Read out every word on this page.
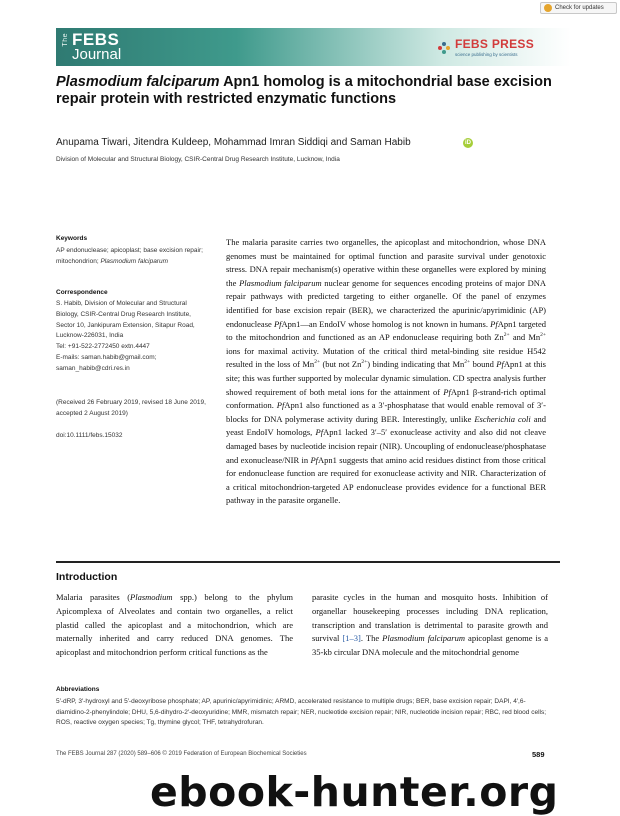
The FEBS
Journal
FEBS PRESS
science publishing by scientists
Check for updates
Plasmodium falciparum Apn1 homolog is a mitochondrial base excision repair protein with restricted enzymatic functions
Anupama Tiwari, Jitendra Kuldeep, Mohammad Imran Siddiqi and Saman Habib	iD
Division of Molecular and Structural Biology, CSIR-Central Drug Research Institute, Lucknow, India
Keywords
AP endonuclease; apicoplast; base excision repair; mitochondrion; Plasmodium falciparum
Correspondence
S. Habib, Division of Molecular and Structural Biology, CSIR-Central Drug Research Institute, Sector 10, Jankipuram Extension, Sitapur Road, Lucknow-226031, India
Tel: +91-522-2772450 extn.4447
E-mails: saman.habib@gmail.com; saman_habib@cdri.res.in
(Received 26 February 2019, revised 18 June 2019, accepted 2 August 2019)
doi:10.1111/febs.15032
The malaria parasite carries two organelles, the apicoplast and mitochondrion, whose DNA genomes must be maintained for optimal function and parasite survival under genotoxic stress. DNA repair mechanism(s) operative within these organelles were explored by mining the Plasmodium falciparum nuclear genome for sequences encoding proteins of major DNA repair pathways with predicted targeting to either organelle. Of the panel of enzymes identified for base excision repair (BER), we characterized the apurinic/apyrimidinic (AP) endonuclease PfApn1—an EndoIV whose homolog is not known in humans. PfApn1 targeted to the mitochondrion and functioned as an AP endonuclease requiring both $Zn^{2+}$ and $Mn^{2+}$ ions for maximal activity. Mutation of the critical third metal-binding site residue H542 resulted in the loss of $Mn^{2+}$ (but not $Zn^{2+}$) binding indicating that $Mn^{2+}$ bound PfApn1 at this site; this was further supported by molecular dynamic simulation. CD spectra analysis further showed requirement of both metal ions for the attainment of PfApn1 β-strand-rich optimal conformation. PfApn1 also functioned as a 3′-phosphatase that would enable removal of 3′-blocks for DNA polymerase activity during BER. Interestingly, unlike Escherichia coli and yeast EndoIV homologs, PfApn1 lacked 3′–5′ exonuclease activity and also did not cleave damaged bases by nucleotide incision repair (NIR). Uncoupling of endonuclease/phosphatase and exonuclease/NIR in PfApn1 suggests that amino acid residues distinct from those critical for endonuclease function are required for exonuclease activity and NIR. Characterization of a critical mitochondrion-targeted AP endonuclease provides evidence for a functional BER pathway in the parasite organelle.
Introduction
Malaria parasites (Plasmodium spp.) belong to the phylum Apicomplexa of Alveolates and contain two organelles, a relict plastid called the apicoplast and a mitochondrion, which are maternally inherited and carry reduced DNA genomes. The apicoplast and mitochondrion perform critical functions as the
parasite cycles in the human and mosquito hosts. Inhibition of organellar housekeeping processes including DNA replication, transcription and translation is detrimental to parasite growth and survival [1–3]. The Plasmodium falciparum apicoplast genome is a 35-kb circular DNA molecule and the mitochondrial genome
Abbreviations
5′-dRP, 3′-hydroxyl and 5′-deoxyribose phosphate; AP, apurinic/apyrimidinic; ARMD, accelerated resistance to multiple drugs; BER, base excision repair; DAPI, 4′,6-diamidino-2-phenylindole; DHU, 5,6-dihydro-2′-deoxyuridine; MMR, mismatch repair; NER, nucleotide excision repair; NIR, nucleotide incision repair; RBC, red blood cells; ROS, reactive oxygen species; Tg, thymine glycol; THF, tetrahydrofuran.
The FEBS Journal 287 (2020) 589–606 © 2019 Federation of European Biochemical Societies	589
ebook-hunter.org
